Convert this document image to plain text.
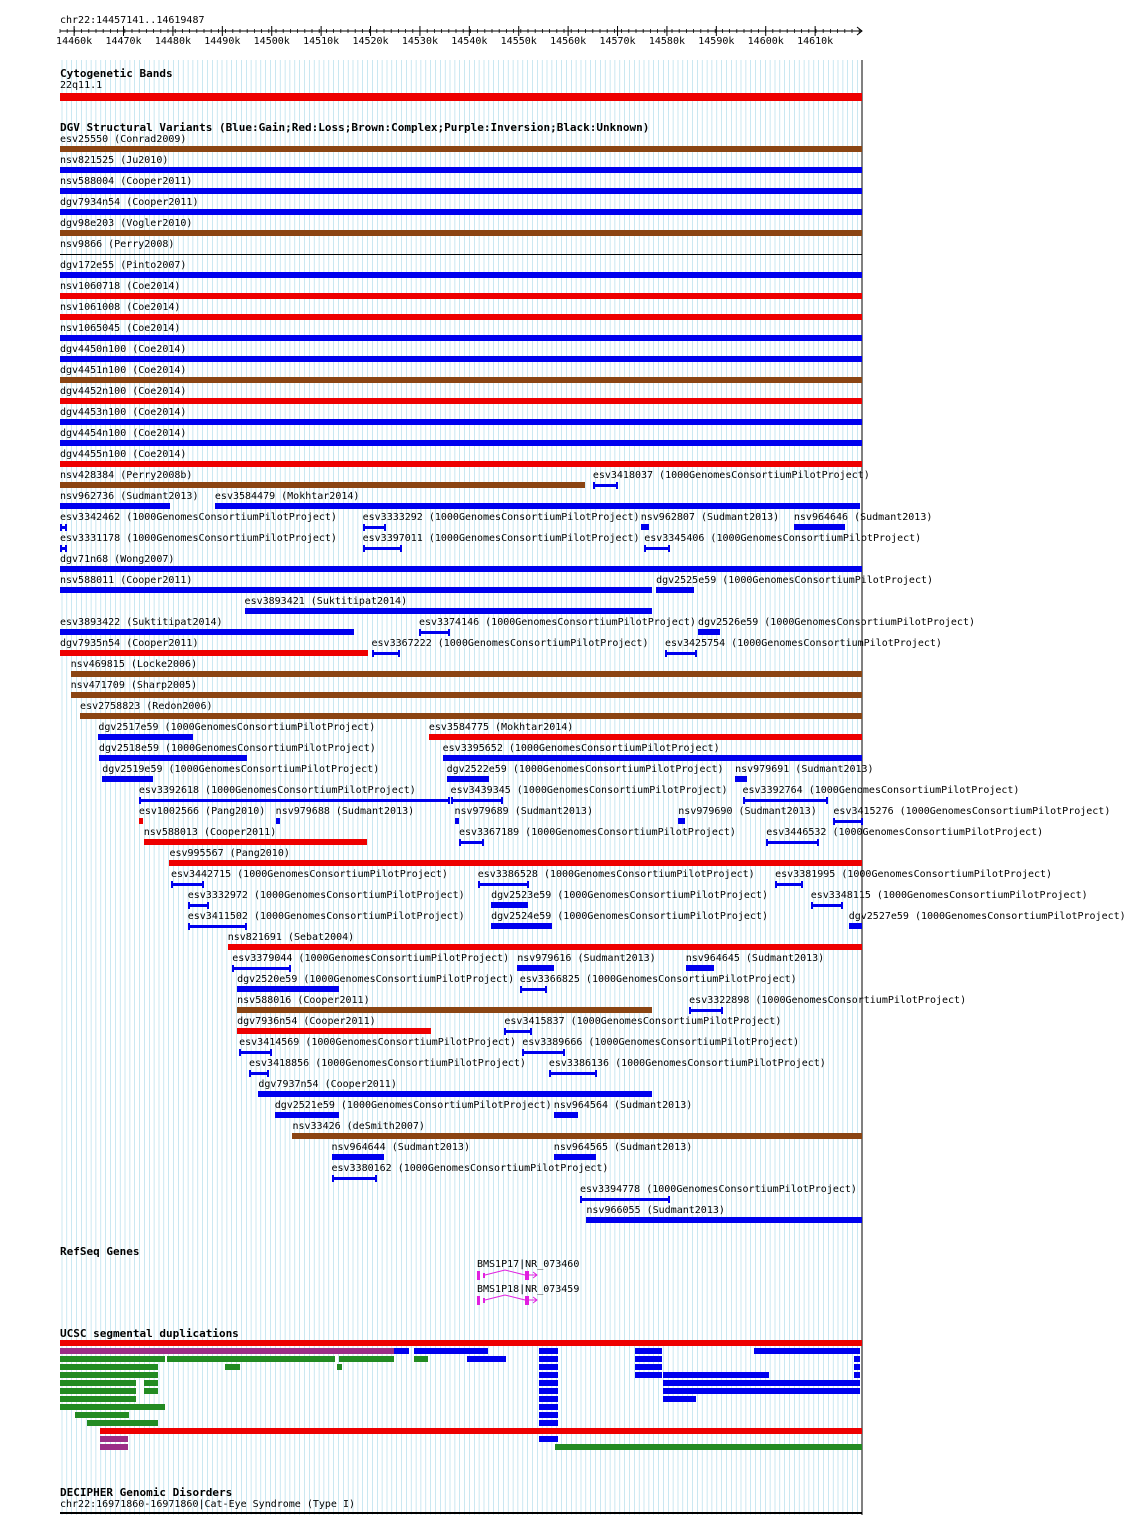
chr22:14457141..14619487
14460k 14470k 14480k 14490k 14500k 14510k 14520k 14530k 14540k 14550k 14560k 14570k 14580k 14590k 14600k 14610k
Cytogenetic Bands
22q11.1
DGV Structural Variants (Blue:Gain;Red:Loss;Brown:Complex;Purple:Inversion;Black:Unknown)
esv25550 (Conrad2009)
nsv821525 (Ju2010)
nsv588004 (Cooper2011)
dgv7934n54 (Cooper2011)
dgv98e203 (Vogler2010)
nsv9866 (Perry2008)
dgv172e55 (Pinto2007)
nsv1060718 (Coe2014)
nsv1061008 (Coe2014)
nsv1065045 (Coe2014)
dgv4450n100 (Coe2014)
dgv4451n100 (Coe2014)
dgv4452n100 (Coe2014)
dgv4453n100 (Coe2014)
dgv4454n100 (Coe2014)
dgv4455n100 (Coe2014)
nsv428384 (Perry2008b)	esv3418037 (1000GenomesConsortiumPilotProject)
nsv962736 (Sudmant2013) esv3584479 (Mokhtar2014)
esv3342462 (1000GenomesConsortiumPilotProject)	esv3333292 (1000GenomesConsortiumPilotProject) nsv962807 (Sudmant2013) nsv964646 (Sudmant2013)
esv3331178 (1000GenomesConsortiumPilotProject)	esv3397011 (1000GenomesConsortiumPilotProject) esv3345406 (1000GenomesConsortiumPilotProject)
dgv71n68 (Wong2007)
nsv588011 (Cooper2011)	dgv2525e59 (1000GenomesConsortiumPilotProject)
esv3893421 (Suktitipat2014)
esv3893422 (Suktitipat2014)	esv3374146 (1000GenomesConsortiumPilotProject) dgv2526e59 (1000GenomesConsortiumPilotProject)
dgv7935n54 (Cooper2011)	esv3367222 (1000GenomesConsortiumPilotProject) esv3425754 (1000GenomesConsortiumPilotProject)
nsv469815 (Locke2006)
nsv471709 (Sharp2005)
esv2758823 (Redon2006)
dgv2517e59 (1000GenomesConsortiumPilotProject)	esv3584775 (Mokhtar2014)
dgv2518e59 (1000GenomesConsortiumPilotProject)	esv3395652 (1000GenomesConsortiumPilotProject)
dgv2519e59 (1000GenomesConsortiumPilotProject)	dgv2522e59 (1000GenomesConsortiumPilotProject) nsv979691 (Sudmant2013)
esv3392618 (1000GenomesConsortiumPilotProject)	esv3439345 (1000GenomesConsortiumPilotProject) esv3392764 (1000GenomesConsortiumPilotProject)
esv1002566 (Pang2010) nsv979688 (Sudmant2013)	nsv979689 (Sudmant2013)	nsv979690 (Sudmant2013) esv3415276 (1000GenomesConsortiumPilotProject)
nsv588013 (Cooper2011)	esv3367189 (1000GenomesConsortiumPilotProject)	esv3446532 (1000GenomesConsortiumPilotProject)
esv995567 (Pang2010)
esv3442715 (1000GenomesConsortiumPilotProject)	esv3386528 (1000GenomesConsortiumPilotProject) esv3381995 (1000GenomesConsortiumPilotProject)
esv3332972 (1000GenomesConsortiumPilotProject)	dgv2523e59 (1000GenomesConsortiumPilotProject)	esv3348115 (1000GenomesConsortiumPilotProject)
esv3411502 (1000GenomesConsortiumPilotProject)	dgv2524e59 (1000GenomesConsortiumPilotProject)	dgv2527e59 (1000GenomesConsortiumPilotProject)
nsv821691 (Sebat2004)
esv3379044 (1000GenomesConsortiumPilotProject) nsv979616 (Sudmant2013)	nsv964645 (Sudmant2013)
dgv2520e59 (1000GenomesConsortiumPilotProject) esv3366825 (1000GenomesConsortiumPilotProject)
nsv588016 (Cooper2011)	esv3322898 (1000GenomesConsortiumPilotProject)
dgv7936n54 (Cooper2011)	esv3415837 (1000GenomesConsortiumPilotProject)
esv3414569 (1000GenomesConsortiumPilotProject) esv3389666 (1000GenomesConsortiumPilotProject)
esv3418856 (1000GenomesConsortiumPilotProject) esv3386136 (1000GenomesConsortiumPilotProject)
dgv7937n54 (Cooper2011)
dgv2521e59 (1000GenomesConsortiumPilotProject) nsv964564 (Sudmant2013)
nsv33426 (deSmith2007)
nsv964644 (Sudmant2013)	nsv964565 (Sudmant2013)
esv3380162 (1000GenomesConsortiumPilotProject)
esv3394778 (1000GenomesConsortiumPilotProject)
nsv966055 (Sudmant2013)
RefSeq Genes
BMS1P17|NR_073460
BMS1P18|NR_073459
UCSC segmental duplications
DECIPHER Genomic Disorders
chr22:16971860-16971860|Cat-Eye Syndrome (Type I)
